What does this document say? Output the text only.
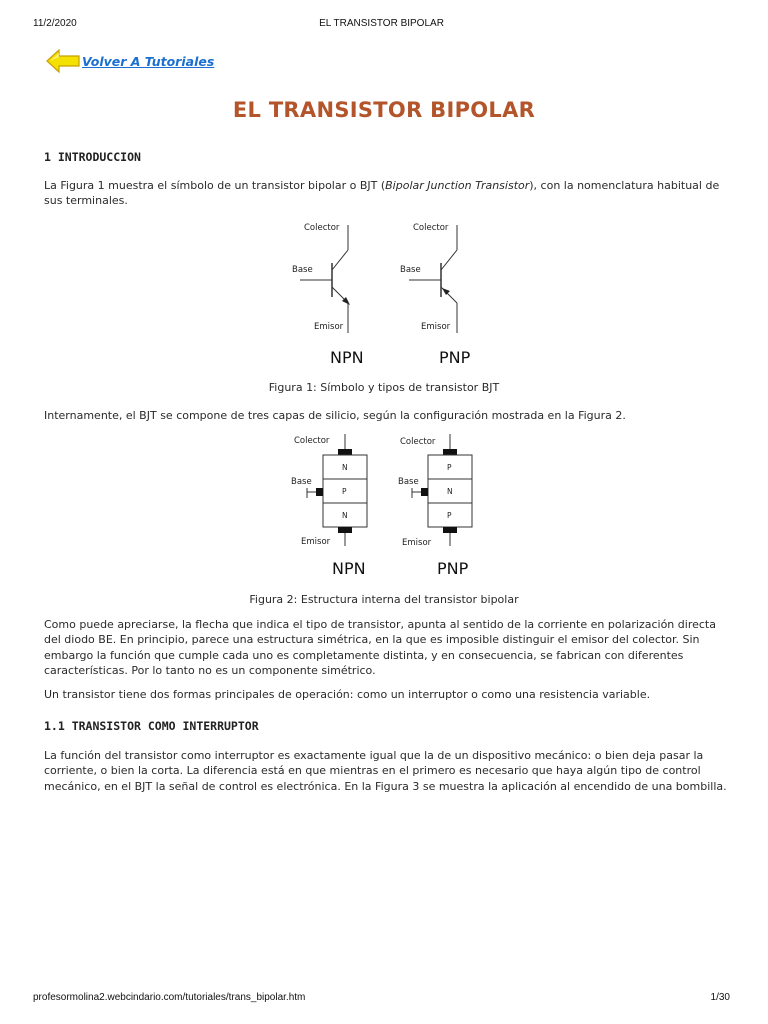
11/2/2020	EL TRANSISTOR BIPOLAR
Volver A Tutoriales
EL TRANSISTOR BIPOLAR
1 INTRODUCCION

La Figura 1 muestra el símbolo de un transistor bipolar o BJT (Bipolar Junction Transistor), con la nomenclatura habitual de sus terminales.

Colector
Base
Emisor
NPN
Colector
Base
Emisor
PNP

Figura 1: Símbolo y tipos de transistor BJT

Internamente, el BJT se compone de tres capas de silicio, según la configuración mostrada en la Figura 2.

Colector
N
P
N
Base
Emisor
NPN
Colector
P
N
P
Base
Emisor
PNP

Figura 2: Estructura interna del transistor bipolar

Como puede apreciarse, la flecha que indica el tipo de transistor, apunta al sentido de la corriente en polarización directa del diodo BE. En principio, parece una estructura simétrica, en la que es imposible distinguir el emisor del colector. Sin embargo la función que cumple cada uno es completamente distinta, y en consecuencia, se fabrican con diferentes características. Por lo tanto no es un componente simétrico.

Un transistor tiene dos formas principales de operación: como un interruptor o como una resistencia variable.

1.1 TRANSISTOR COMO INTERRUPTOR

La función del transistor como interruptor es exactamente igual que la de un dispositivo mecánico: o bien deja pasar la corriente, o bien la corta. La diferencia está en que mientras en el primero es necesario que haya algún tipo de control mecánico, en el BJT la señal de control es electrónica. En la Figura 3 se muestra la aplicación al encendido de una bombilla.

profesormolina2.webcindario.com/tutoriales/trans_bipolar.htm	1/30
